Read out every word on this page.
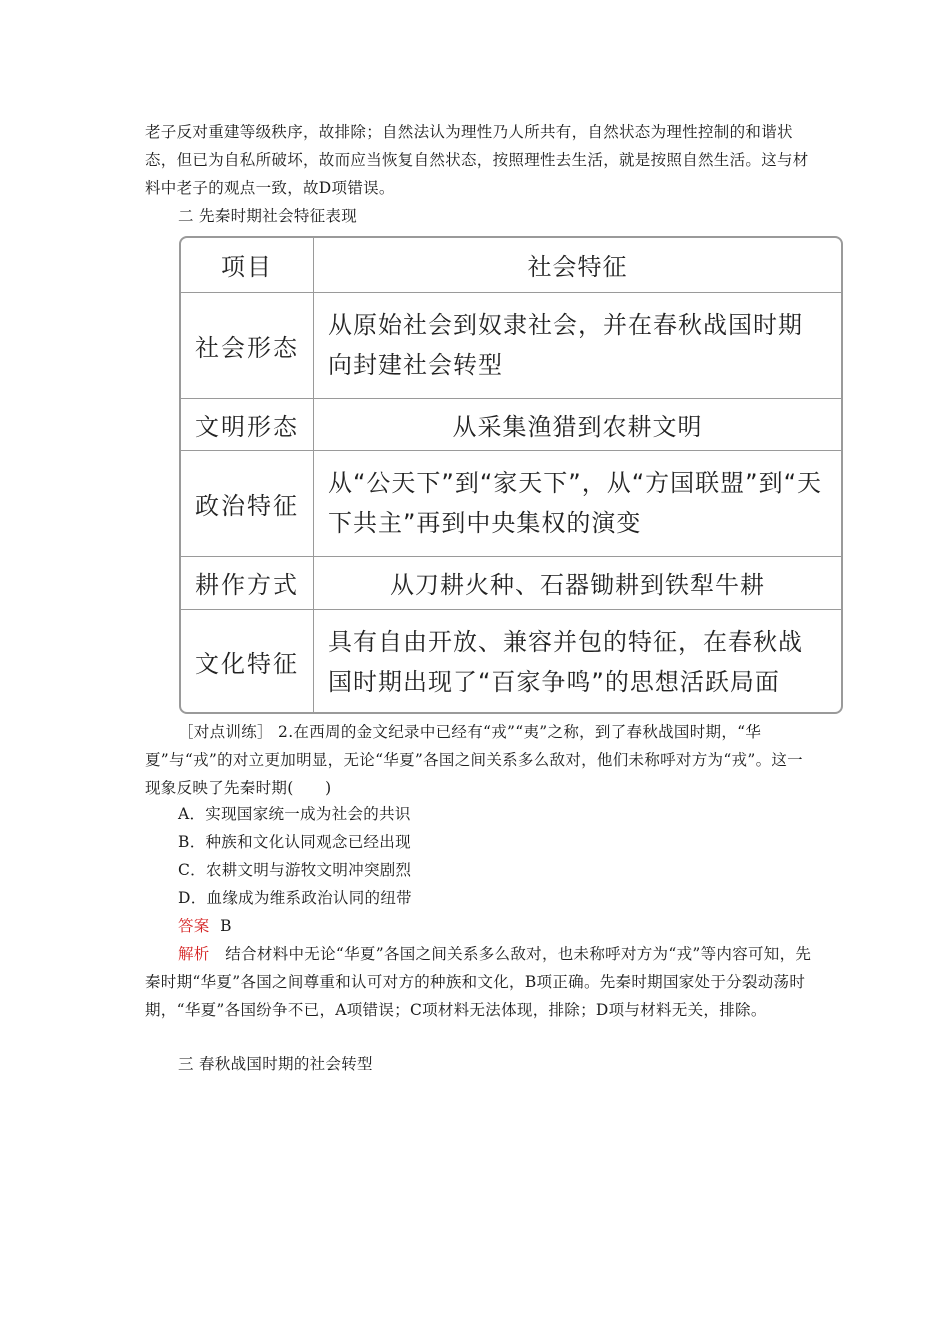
老子反对重建等级秩序，故排除；自然法认为理性乃人所共有，自然状态为理性控制的和谐状态，但已为自私所破坏，故而应当恢复自然状态，按照理性去生活，就是按照自然生活。这与材料中老子的观点一致，故D项错误。

二 先秦时期社会特征表现
项目	社会特征
社会形态	从原始社会到奴隶社会，并在春秋战国时期向封建社会转型
文明形态	从采集渔猎到农耕文明
政治特征	从“公天下”到“家天下”，从“方国联盟”到“天下共主”再到中央集权的演变
耕作方式	从刀耕火种、石器锄耕到铁犁牛耕
文化特征	具有自由开放、兼容并包的特征，在春秋战国时期出现了“百家争鸣”的思想活跃局面

［对点训练］ 2.在西周的金文纪录中已经有“戎”“夷”之称，到了春秋战国时期，“华夏”与“戎”的对立更加明显，无论“华夏”各国之间关系多么敌对，他们未称呼对方为“戎”。这一现象反映了先秦时期(　　)

A．实现国家统一成为社会的共识
B．种族和文化认同观念已经出现
C．农耕文明与游牧文明冲突剧烈
D．血缘成为维系政治认同的纽带
答案 B

解析 结合材料中无论“华夏”各国之间关系多么敌对，也未称呼对方为“戎”等内容可知，先秦时期“华夏”各国之间尊重和认可对方的种族和文化，B项正确。先秦时期国家处于分裂动荡时期，“华夏”各国纷争不已，A项错误；C项材料无法体现，排除；D项与材料无关，排除。

三 春秋战国时期的社会转型
